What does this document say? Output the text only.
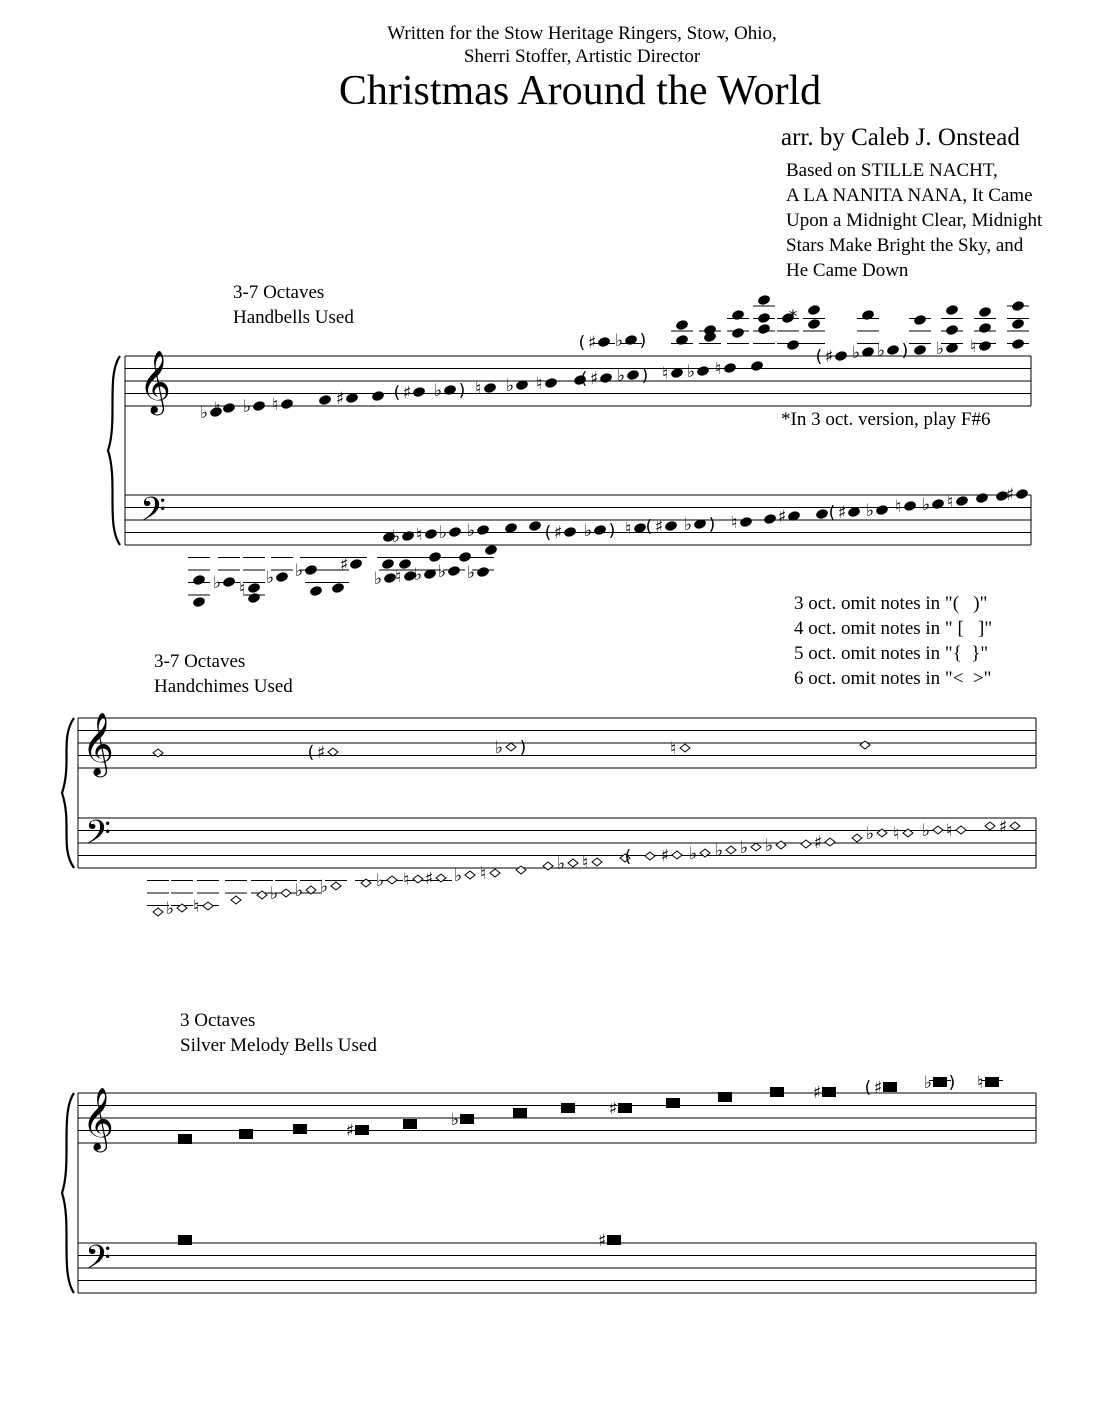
Written for the Stow Heritage Ringers, Stow, Ohio,
Sherri Stoffer, Artistic Director
Christmas Around the World
arr. by Caleb J. Onstead
Based on STILLE NACHT,
A LA NANITA NANA, It Came
Upon a Midnight Clear, Midnight
Stars Make Bright the Sky, and
He Came Down
3-7 Octaves
Handbells Used
*In 3 oct. version, play F#6
3 oct. omit notes in "(   )"
4 oct. omit notes in " [   ]"
5 oct. omit notes in "{  }"
6 oct. omit notes in "<  >"
3-7 Octaves
Handchimes Used
3 Octaves
Silver Melody Bells Used
𝄞
𝄢
♭ ♮ ♭ ♮	♯	♯
( ♭ ) ♮ ♭ ♮	♯
( ♭ ) ♮ ♭ ♮
♯
( ♭ )
♯
( ♭ ♭ ) ♭ ♮
*
♭ ♮ ♭ ♭	♯
( ♭ ) ♮ ♯
( ♭ ) ♮ ♯	♯
( ♭ ♮ ♭ ♮	♯
♭ ♮
♭ ♭ ♯
♭ ♮ ♭ ♭ ♭
𝄞
𝄢
♯
(	♭ )	♮
♭ ♮
♭ ♭ ♭	♭ ♮ ♯ ♭ ♮	♭ ♮ ( ♯ ♭ ♭ ♭ ♭ ♯	♭ ♮ ♭ ♮	♯
𝄞
𝄢
♯
♭
♯
♯	♯
(	♭ ) ♮
♯
